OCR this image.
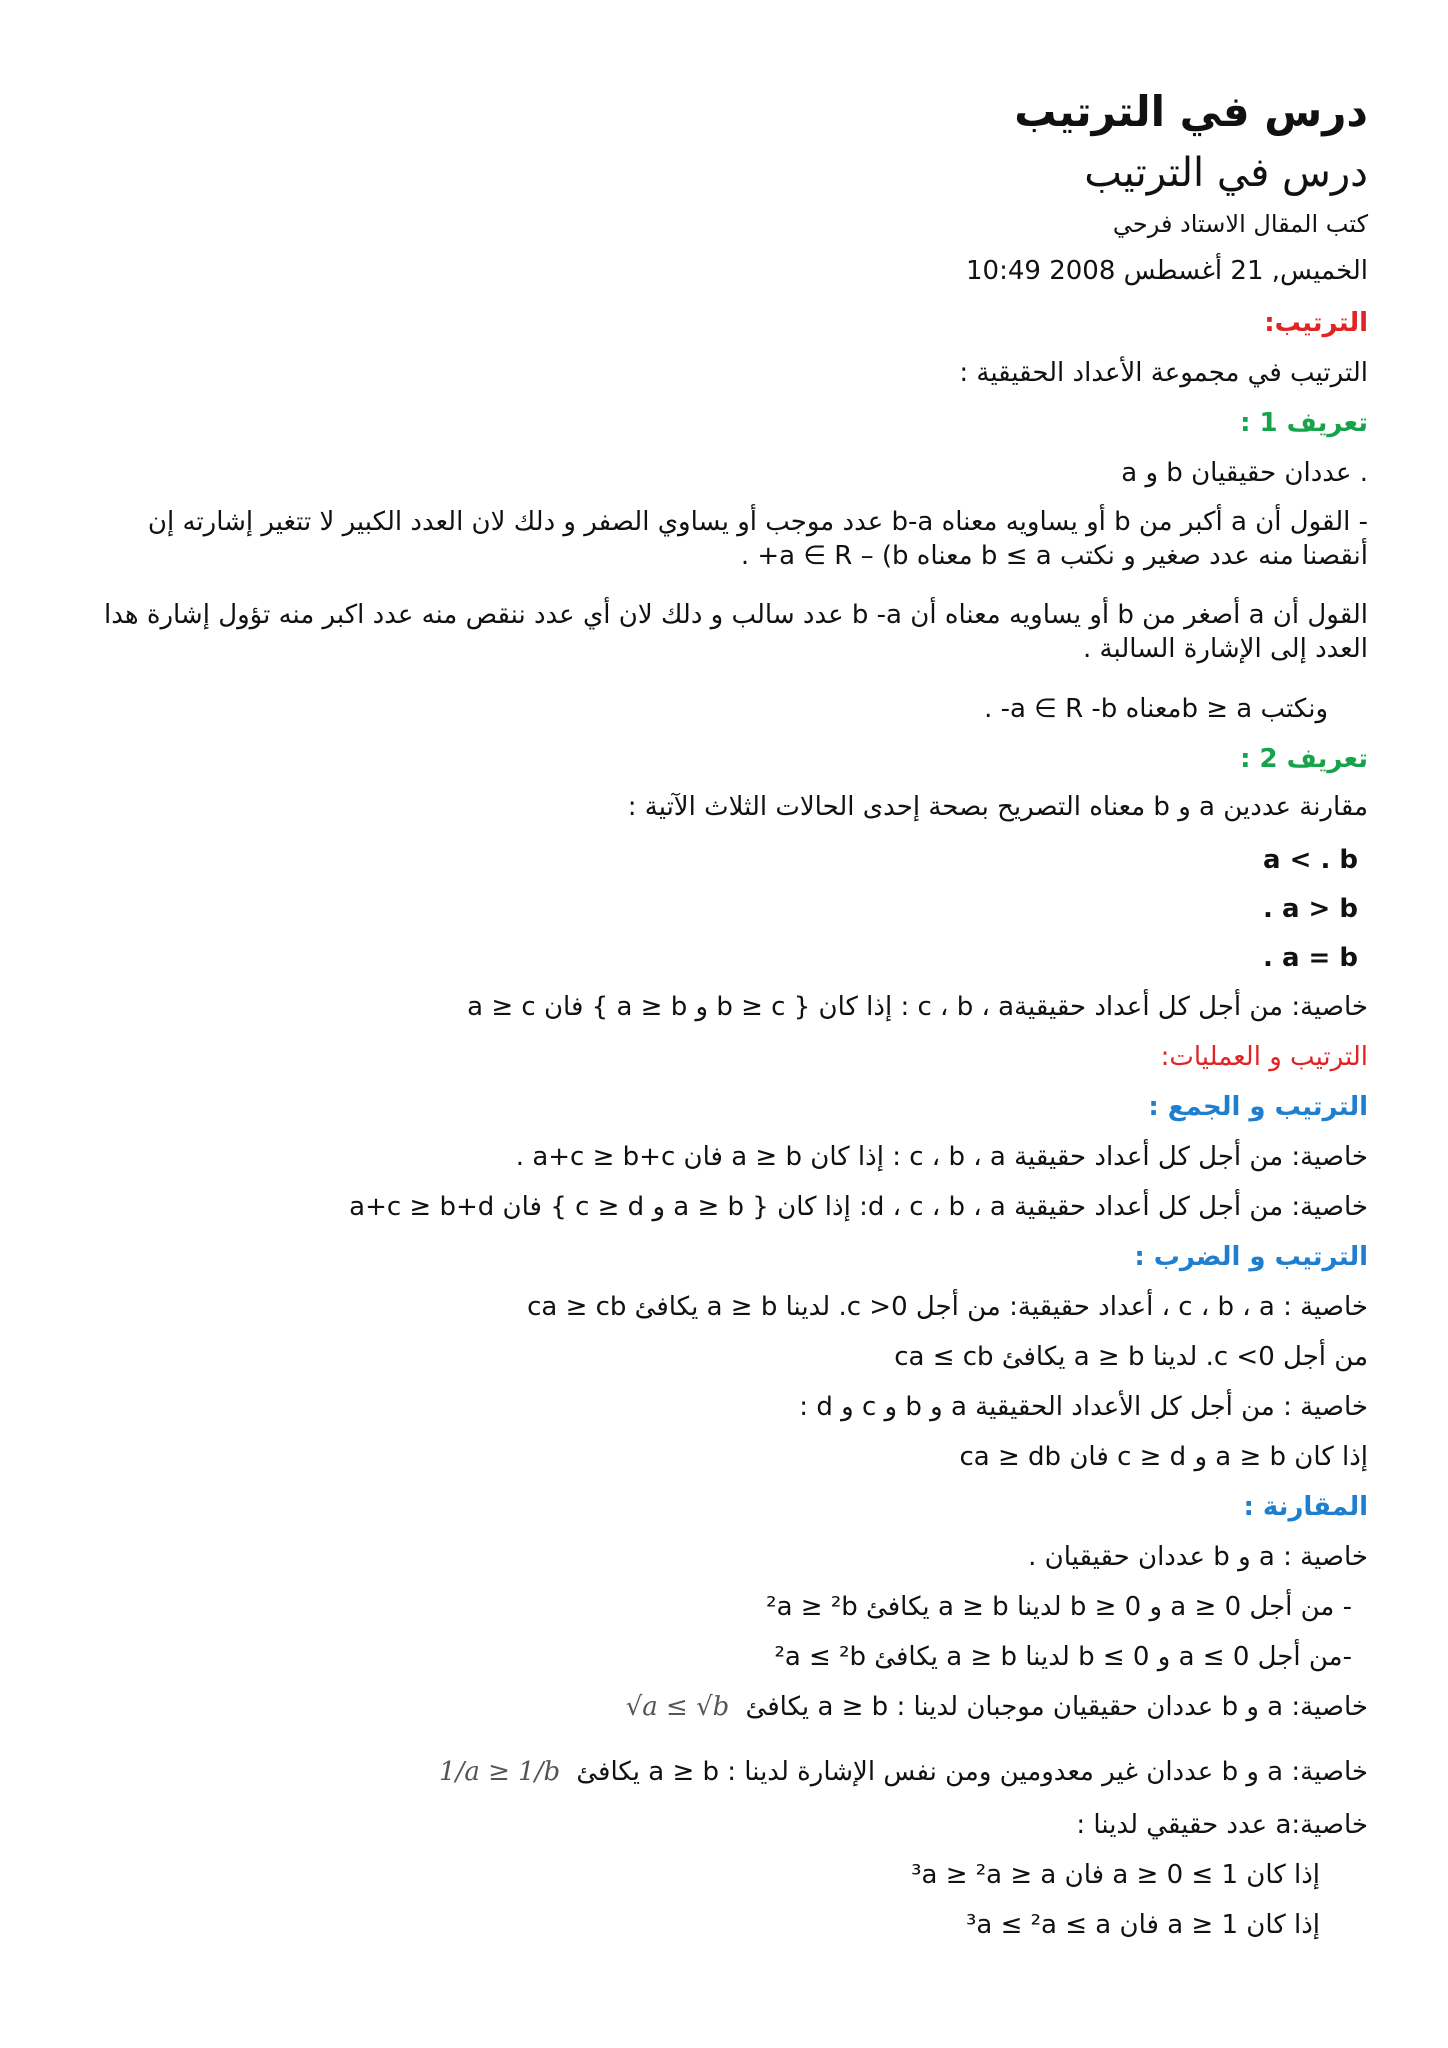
درس في الترتيب
درس في الترتيب
كتب المقال الاستاد فرحي
الخميس, 21 أغسطس 2008 10:49
الترتيب:
الترتيب في مجموعة الأعداد الحقيقية :
تعريف 1 :
a و b عددان حقيقيان .
- القول أن a أكبر من b أو يساويه معناه b-a عدد موجب أو يساوي الصفر و دلك لان العدد الكبير لا تتغير إشارته إن أنقصنا منه عدد صغير و نكتب b ≤ a معناه a ∈ R – (b+ .
القول أن a أصغر من b أو يساويه معناه أن b -a عدد سالب و دلك لان أي عدد ننقص منه عدد اكبر منه تؤول إشارة هدا العدد إلى الإشارة السالبة .
ونكتب b ≥ aمعناه a ∈ R -b- .
تعريف 2 :
مقارنة عددين a و b معناه التصريح بصحة إحدى الحالات الثلاث الآتية :
a < . b
. a > b
. a = b
خاصية: من أجل كل أعداد حقيقيةc ، b ، a : إذا كان { b ≥ c و a ≥ b } فان a ≥ c
الترتيب و العمليات:
الترتيب و الجمع :
خاصية: من أجل كل أعداد حقيقية c ، b ، a : إذا كان a ≥ b فان a+c ≥ b+c .
خاصية: من أجل كل أعداد حقيقية d ، c ، b ، a: إذا كان { a ≥ b و c ≥ d } فان a+c ≥ b+d
الترتيب و الضرب :
خاصية : c ، b ، a ، أعداد حقيقية: من أجل 0< c. لدينا a ≥ b يكافئ ca ≥ cb
من أجل 0> c. لدينا a ≥ b يكافئ ca ≤ cb
خاصية : من أجل كل الأعداد الحقيقية a و b و c و d :
إذا كان a ≥ b و c ≥ d فان ca ≥ db
المقارنة :
خاصية : a و b عددان حقيقيان .
- من أجل 0 ≤ a و 0 ≤ b لدينا a ≥ b يكافئ ²a ≥ ²b
-من أجل 0 ≥ a و 0 ≥ b لدينا a ≥ b يكافئ ²a ≤ ²b
خاصية: a و b عددان حقيقيان موجبان لدينا : a ≥ b يكافئ √a ≤ √b
خاصية: a و b عددان غير معدومين ومن نفس الإشارة لدينا : a ≥ b يكافئ 1/a ≥ 1/b
خاصية:a عدد حقيقي لدينا :
إذا كان 1 ≥ 0 ≤ a فان ³a ≥ ²a ≥ a
إذا كان 1 ≤ a فان ³a ≤ ²a ≤ a
